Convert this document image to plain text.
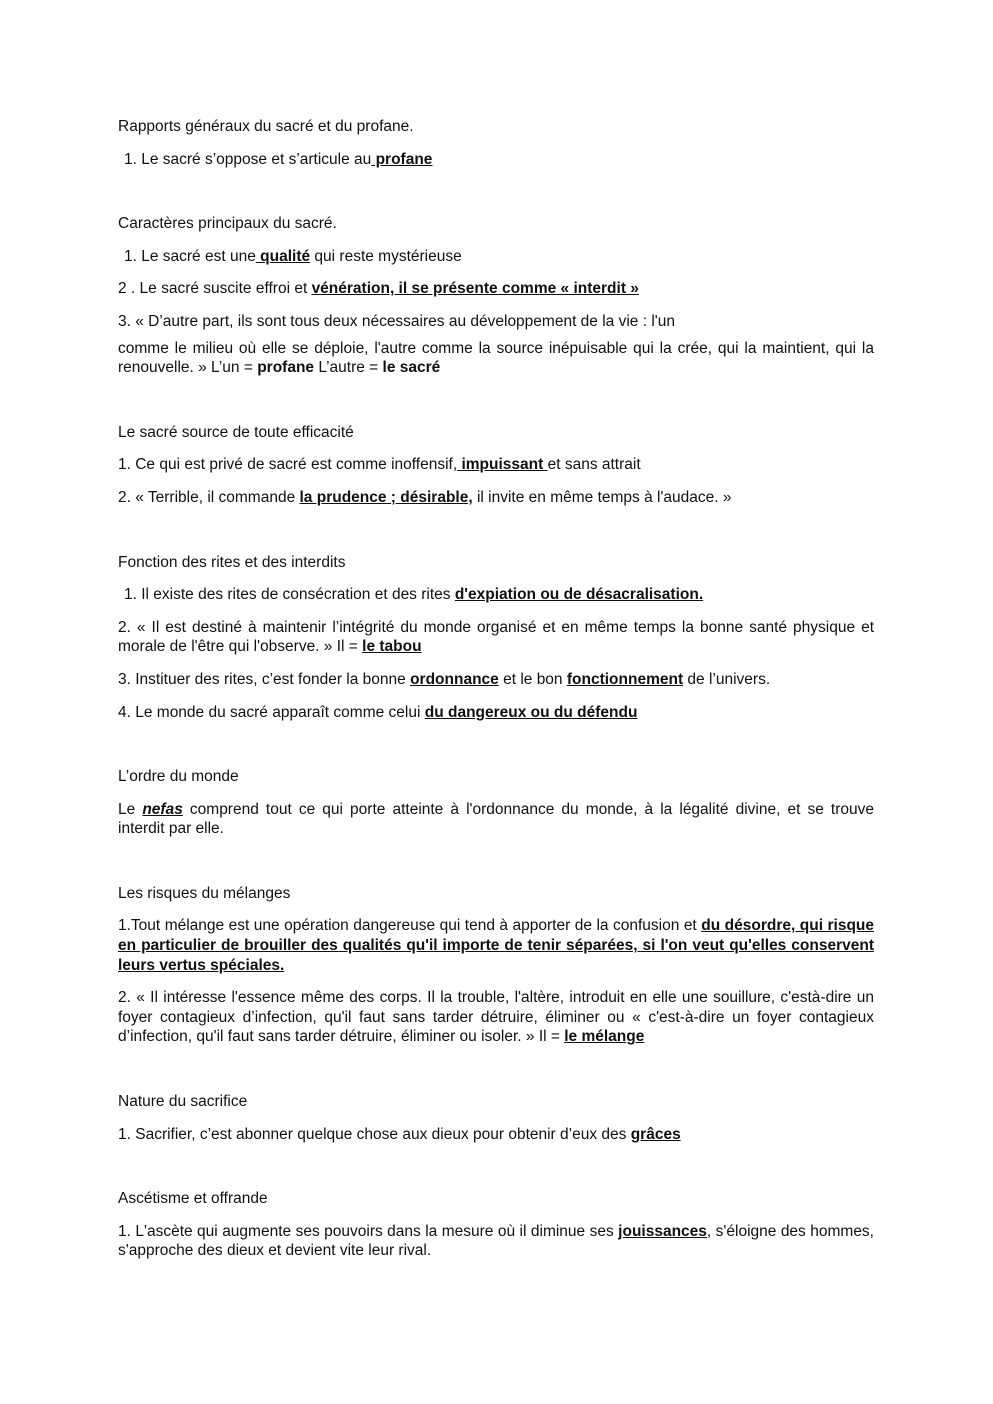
Rapports généraux du sacré et du profane.

1. Le sacré s’oppose et s’articule au profane

Caractères principaux du sacré.

1. Le sacré est une qualité qui reste mystérieuse

2 . Le sacré suscite effroi et vénération, il se présente comme « interdit »

3. « D’autre part, ils sont tous deux nécessaires au développement de la vie : l'un

comme le milieu où elle se déploie, l'autre comme la source inépuisable qui la crée, qui la maintient, qui la renouvelle. » L’un = profane L’autre = le sacré

Le sacré source de toute efficacité

1. Ce qui est privé de sacré est comme inoffensif, impuissant et sans attrait

2. « Terrible, il commande la prudence ; désirable, il invite en même temps à l'audace. »

Fonction des rites et des interdits

1. Il existe des rites de consécration et des rites d'expiation ou de désacralisation.

2. « Il est destiné à maintenir l’intégrité du monde organisé et en même temps la bonne santé physique et morale de l'être qui l'observe. » Il = le tabou

3. Instituer des rites, c’est fonder la bonne ordonnance et le bon fonctionnement de l’univers.

4. Le monde du sacré apparaît comme celui du dangereux ou du défendu

L’ordre du monde

Le nefas comprend tout ce qui porte atteinte à l'ordonnance du monde, à la légalité divine, et se trouve interdit par elle.

Les risques du mélanges

1.Tout mélange est une opération dangereuse qui tend à apporter de la confusion et du désordre, qui risque en particulier de brouiller des qualités qu'il importe de tenir séparées, si l'on veut qu'elles conservent leurs vertus spéciales.

2. « Il intéresse l'essence même des corps. Il la trouble, l'altère, introduit en elle une souillure, c'està-dire un foyer contagieux d’infection, qu'il faut sans tarder détruire, éliminer ou « c'est-à-dire un foyer contagieux d’infection, qu'il faut sans tarder détruire, éliminer ou isoler. » Il = le mélange

Nature du sacrifice

1. Sacrifier, c’est abonner quelque chose aux dieux pour obtenir d’eux des grâces

Ascétisme et offrande

1. L'ascète qui augmente ses pouvoirs dans la mesure où il diminue ses jouissances, s'éloigne des hommes, s'approche des dieux et devient vite leur rival.
